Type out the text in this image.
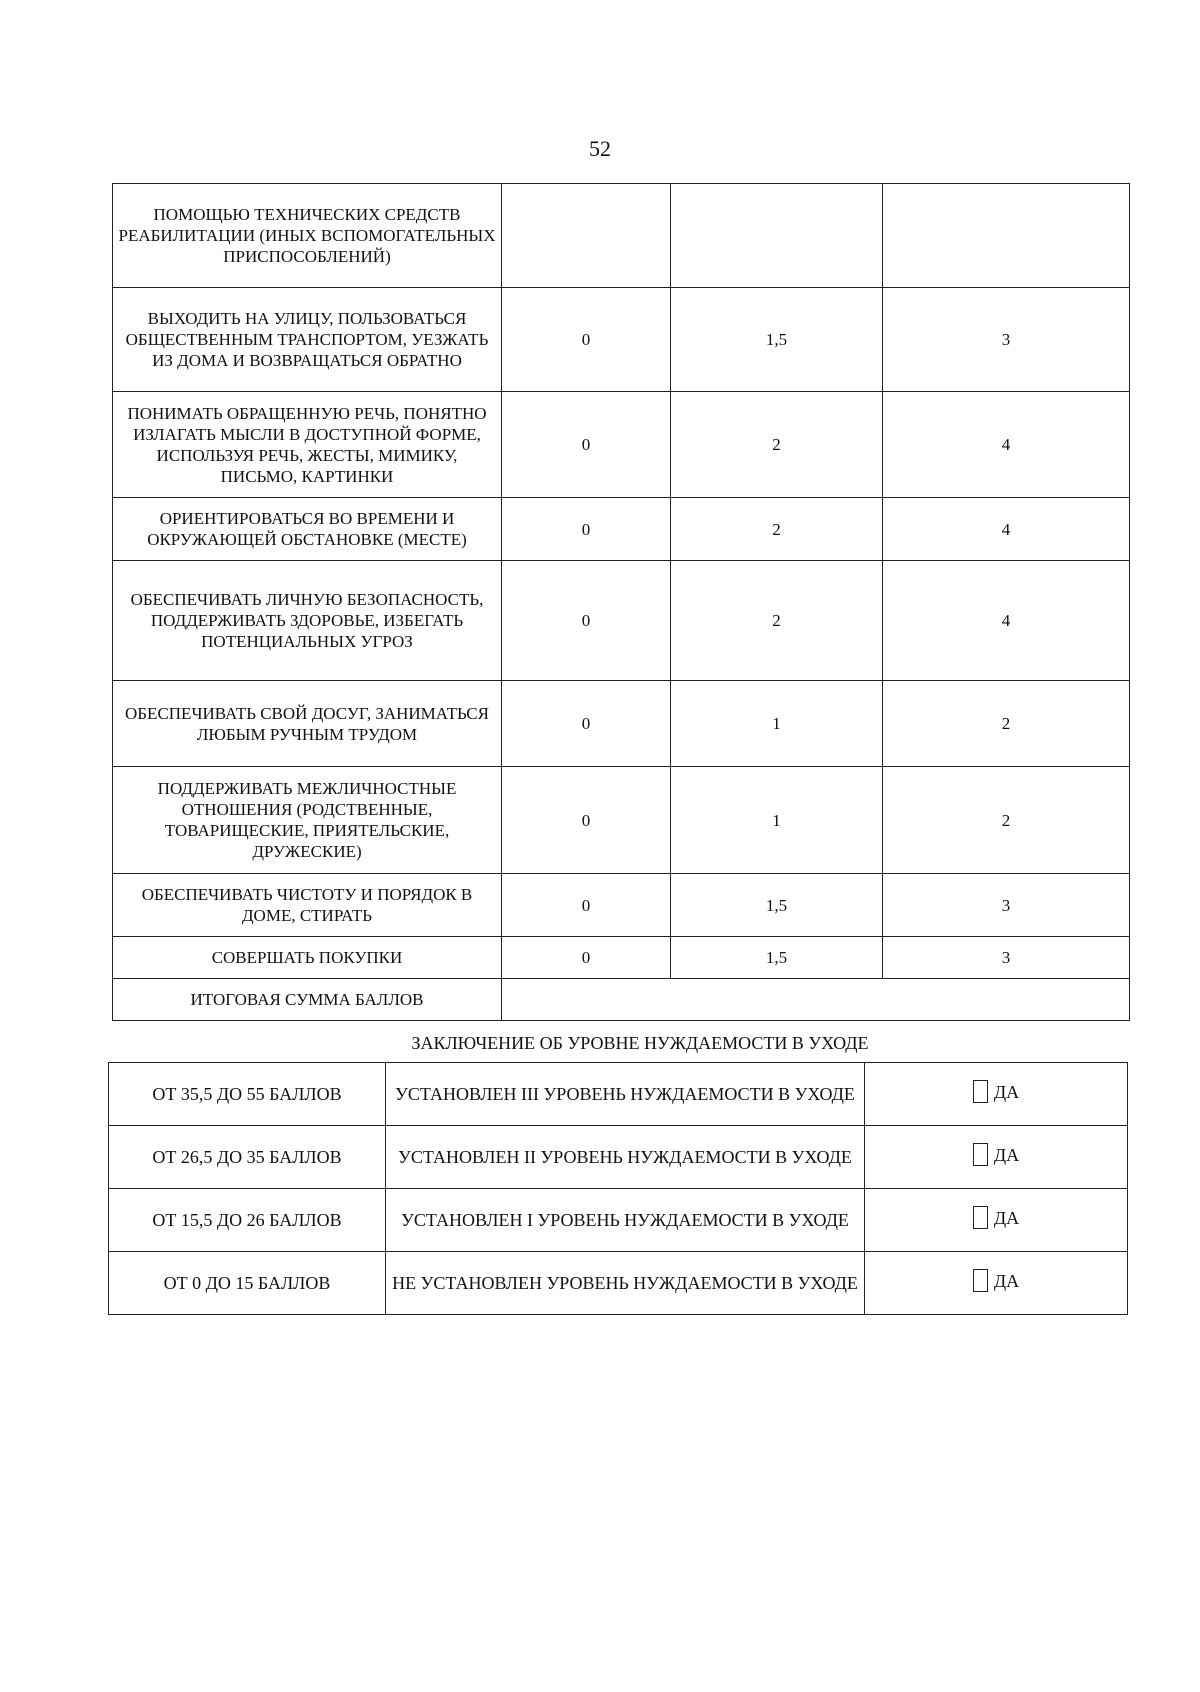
52
ПОМОЩЬЮ ТЕХНИЧЕСКИХ СРЕДСТВ РЕАБИЛИТАЦИИ (ИНЫХ ВСПОМОГАТЕЛЬНЫХ ПРИСПОСОБЛЕНИЙ)			
ВЫХОДИТЬ НА УЛИЦУ, ПОЛЬЗОВАТЬСЯ ОБЩЕСТВЕННЫМ ТРАНСПОРТОМ, УЕЗЖАТЬ ИЗ ДОМА И ВОЗВРАЩАТЬСЯ ОБРАТНО	0	1,5	3
ПОНИМАТЬ ОБРАЩЕННУЮ РЕЧЬ, ПОНЯТНО ИЗЛАГАТЬ МЫСЛИ В ДОСТУПНОЙ ФОРМЕ, ИСПОЛЬЗУЯ РЕЧЬ, ЖЕСТЫ, МИМИКУ, ПИСЬМО, КАРТИНКИ	0	2	4
ОРИЕНТИРОВАТЬСЯ ВО ВРЕМЕНИ И ОКРУЖАЮЩЕЙ ОБСТАНОВКЕ (МЕСТЕ)	0	2	4
ОБЕСПЕЧИВАТЬ ЛИЧНУЮ БЕЗОПАСНОСТЬ, ПОДДЕРЖИВАТЬ ЗДОРОВЬЕ, ИЗБЕГАТЬ ПОТЕНЦИАЛЬНЫХ УГРОЗ	0	2	4
ОБЕСПЕЧИВАТЬ СВОЙ ДОСУГ, ЗАНИМАТЬСЯ ЛЮБЫМ РУЧНЫМ ТРУДОМ	0	1	2
ПОДДЕРЖИВАТЬ МЕЖЛИЧНОСТНЫЕ ОТНОШЕНИЯ (РОДСТВЕННЫЕ, ТОВАРИЩЕСКИЕ, ПРИЯТЕЛЬСКИЕ, ДРУЖЕСКИЕ)	0	1	2
ОБЕСПЕЧИВАТЬ ЧИСТОТУ И ПОРЯДОК В ДОМЕ, СТИРАТЬ	0	1,5	3
СОВЕРШАТЬ ПОКУПКИ	0	1,5	3
ИТОГОВАЯ СУММА БАЛЛОВ			
ЗАКЛЮЧЕНИЕ ОБ УРОВНЕ НУЖДАЕМОСТИ В УХОДЕ
ОТ 35,5 ДО 55 БАЛЛОВ	УСТАНОВЛЕН III УРОВЕНЬ НУЖДАЕМОСТИ В УХОДЕ	ДА

ОТ 26,5 ДО 35 БАЛЛОВ	УСТАНОВЛЕН II УРОВЕНЬ НУЖДАЕМОСТИ В УХОДЕ	ДА

ОТ 15,5 ДО 26 БАЛЛОВ	УСТАНОВЛЕН I УРОВЕНЬ НУЖДАЕМОСТИ В УХОДЕ	ДА

ОТ 0 ДО 15 БАЛЛОВ	НЕ УСТАНОВЛЕН УРОВЕНЬ НУЖДАЕМОСТИ В УХОДЕ	ДА
